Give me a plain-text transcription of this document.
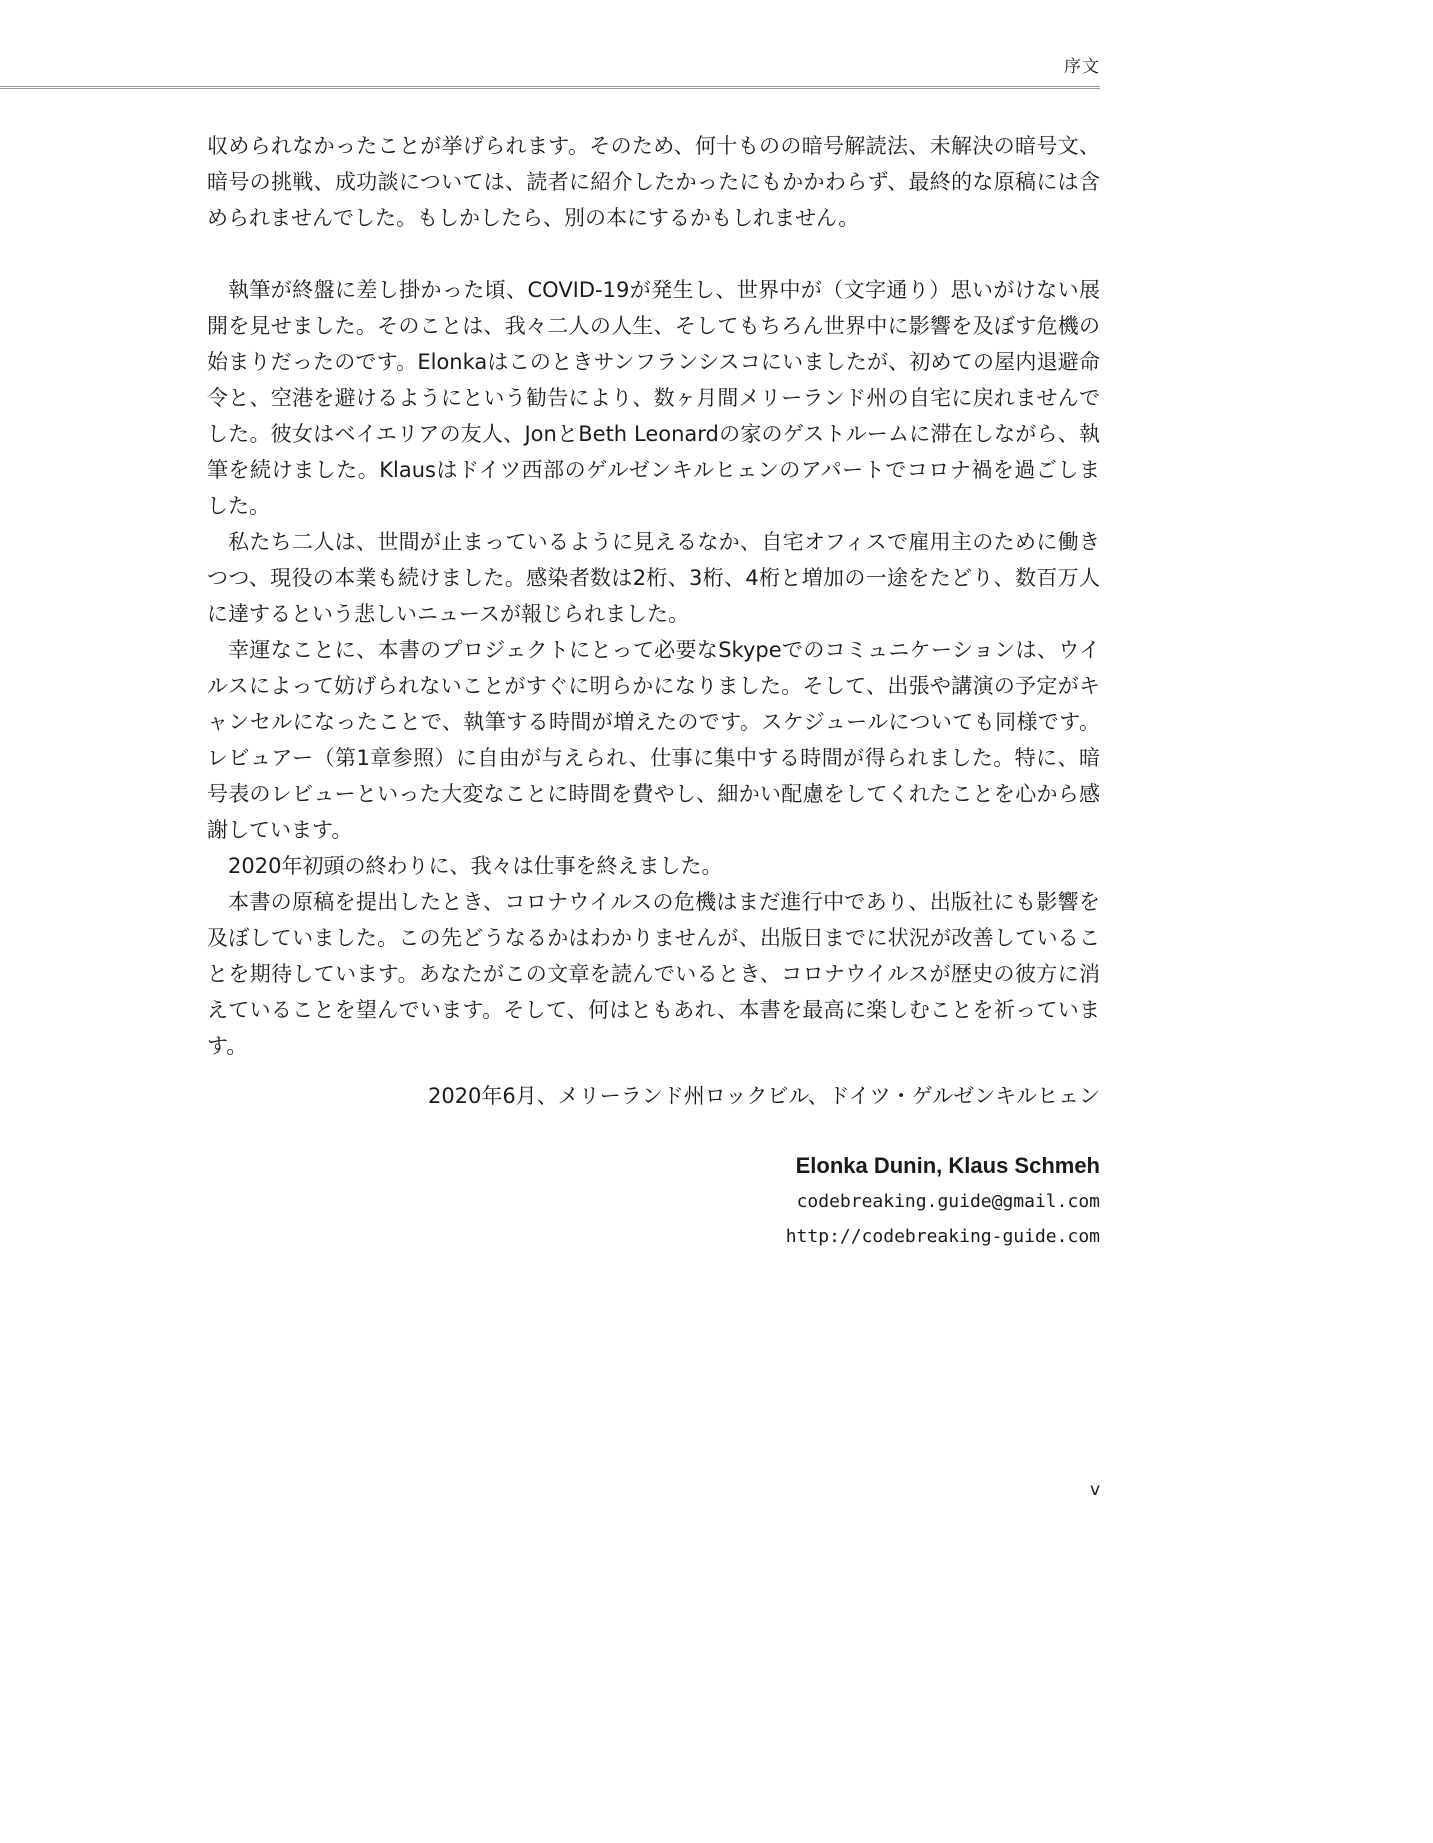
序文

収められなかったことが挙げられます。そのため、何十ものの暗号解読法、未解決の暗号文、暗号の挑戦、成功談については、読者に紹介したかったにもかかわらず、最終的な原稿には含められませんでした。もしかしたら、別の本にするかもしれません。

執筆が終盤に差し掛かった頃、COVID-19が発生し、世界中が（文字通り）思いがけない展開を見せました。そのことは、我々二人の人生、そしてもちろん世界中に影響を及ぼす危機の始まりだったのです。Elonkaはこのときサンフランシスコにいましたが、初めての屋内退避命令と、空港を避けるようにという勧告により、数ヶ月間メリーランド州の自宅に戻れませんでした。彼女はベイエリアの友人、JonとBeth Leonardの家のゲストルームに滞在しながら、執筆を続けました。Klausはドイツ西部のゲルゼンキルヒェンのアパートでコロナ禍を過ごしました。

私たち二人は、世間が止まっているように見えるなか、自宅オフィスで雇用主のために働きつつ、現役の本業も続けました。感染者数は2桁、3桁、4桁と増加の一途をたどり、数百万人に達するという悲しいニュースが報じられました。

幸運なことに、本書のプロジェクトにとって必要なSkypeでのコミュニケーションは、ウイルスによって妨げられないことがすぐに明らかになりました。そして、出張や講演の予定がキャンセルになったことで、執筆する時間が増えたのです。スケジュールについても同様です。レビュアー（第1章参照）に自由が与えられ、仕事に集中する時間が得られました。特に、暗号表のレビューといった大変なことに時間を費やし、細かい配慮をしてくれたことを心から感謝しています。

2020年初頭の終わりに、我々は仕事を終えました。

本書の原稿を提出したとき、コロナウイルスの危機はまだ進行中であり、出版社にも影響を及ぼしていました。この先どうなるかはわかりませんが、出版日までに状況が改善していることを期待しています。あなたがこの文章を読んでいるとき、コロナウイルスが歴史の彼方に消えていることを望んでいます。そして、何はともあれ、本書を最高に楽しむことを祈っています。

2020年6月、メリーランド州ロックビル、ドイツ・ゲルゼンキルヒェン
Elonka Dunin, Klaus Schmeh
codebreaking.guide@gmail.com
http://codebreaking-guide.com
v
